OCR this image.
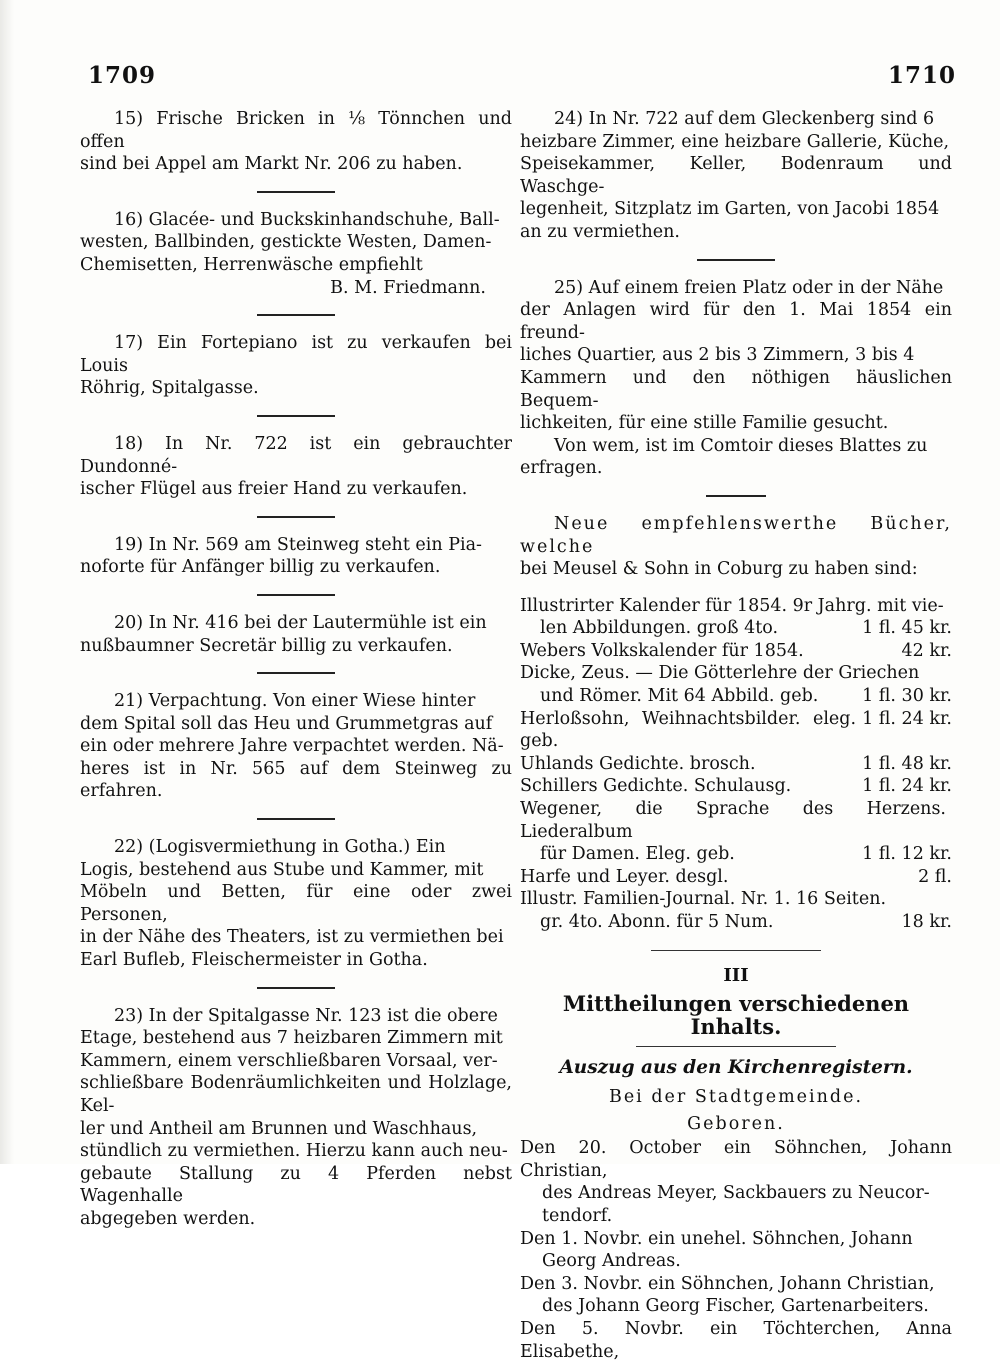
1709	1710

15) Frische Bricken in ⅛ Tönnchen und offen

sind bei Appel am Markt Nr. 206 zu haben.

16) Glacée- und Buckskinhandschuhe, Ball-

westen, Ballbinden, gestickte Westen, Damen-

Chemisetten, Herrenwäsche empfiehlt

B. M. Friedmann.

17) Ein Fortepiano ist zu verkaufen bei Louis

Röhrig, Spitalgasse.

18) In Nr. 722 ist ein gebrauchter Dundonné-

ischer Flügel aus freier Hand zu verkaufen.

19) In Nr. 569 am Steinweg steht ein Pia-

noforte für Anfänger billig zu verkaufen.

20) In Nr. 416 bei der Lautermühle ist ein

nußbaumner Secretär billig zu verkaufen.

21) Verpachtung. Von einer Wiese hinter

dem Spital soll das Heu und Grummetgras auf

ein oder mehrere Jahre verpachtet werden. Nä-

heres ist in Nr. 565 auf dem Steinweg zu erfahren.

22) (Logisvermiethung in Gotha.) Ein

Logis, bestehend aus Stube und Kammer, mit

Möbeln und Betten, für eine oder zwei Personen,

in der Nähe des Theaters, ist zu vermiethen bei

Earl Bufleb, Fleischermeister in Gotha.

23) In der Spitalgasse Nr. 123 ist die obere

Etage, bestehend aus 7 heizbaren Zimmern mit

Kammern, einem verschließbaren Vorsaal, ver-

schließbare Bodenräumlichkeiten und Holzlage, Kel-

ler und Antheil am Brunnen und Waschhaus,

stündlich zu vermiethen. Hierzu kann auch neu-

gebaute Stallung zu 4 Pferden nebst Wagenhalle

abgegeben werden.

24) In Nr. 722 auf dem Gleckenberg sind 6

heizbare Zimmer, eine heizbare Gallerie, Küche,

Speisekammer, Keller, Bodenraum und Waschge-

legenheit, Sitzplatz im Garten, von Jacobi 1854

an zu vermiethen.

25) Auf einem freien Platz oder in der Nähe

der Anlagen wird für den 1. Mai 1854 ein freund-

liches Quartier, aus 2 bis 3 Zimmern, 3 bis 4

Kammern und den nöthigen häuslichen Bequem-

lichkeiten, für eine stille Familie gesucht.

Von wem, ist im Comtoir dieses Blattes zu

erfragen.

Neue empfehlenswerthe Bücher, welche

bei Meusel & Sohn in Coburg zu haben sind:

Illustrirter Kalender für 1854. 9r Jahrg. mit vie-
len Abbildungen. groß 4to.	1 fl. 45 kr.
Webers Volkskalender für 1854.	42 kr.
Dicke, Zeus. — Die Götterlehre der Griechen
und Römer. Mit 64 Abbild. geb.	1 fl. 30 kr.
Herloßsohn, Weihnachtsbilder. eleg. geb.
1 fl. 24 kr.
Uhlands Gedichte. brosch.	1 fl. 48 kr.
Schillers Gedichte. Schulausg.	1 fl. 24 kr.
Wegener, die Sprache des Herzens. Liederalbum
für Damen. Eleg. geb.	1 fl. 12 kr.
Harfe und Leyer. desgl.	2 fl.
Illustr. Familien-Journal. Nr. 1. 16 Seiten.
gr. 4to. Abonn. für 5 Num.	18 kr.
III
Mittheilungen verschiedenen Inhalts.
Auszug aus den Kirchenregistern.
Bei der Stadtgemeinde.
Geboren.

Den 20. October ein Söhnchen, Johann Christian,

des Andreas Meyer, Sackbauers zu Neucor-

tendorf.

Den 1. Novbr. ein unehel. Söhnchen, Johann

Georg Andreas.

Den 3. Novbr. ein Söhnchen, Johann Christian,

des Johann Georg Fischer, Gartenarbeiters.

Den 5. Novbr. ein Töchterchen, Anna Elisabethe,
